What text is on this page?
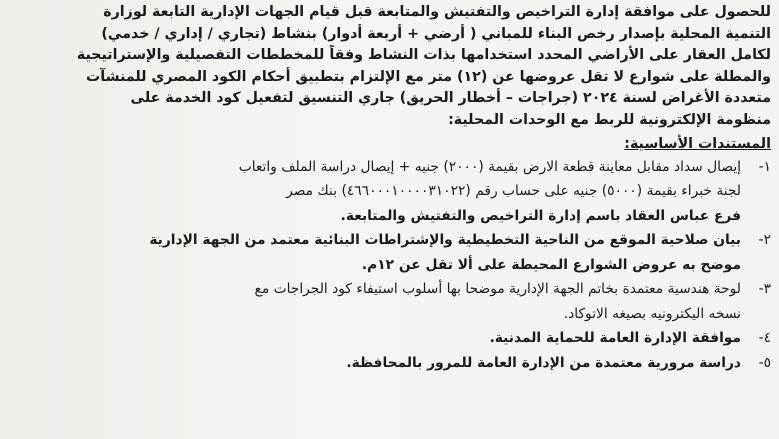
للحصول على موافقة إدارة التراخيص والتفتيش والمتابعة قبل قيام الجهات الإدارية التابعة لوزارة

التنمية المحلية بإصدار رخص البناء للمباني ( أرضي + أربعة أدوار) بنشاط (تجاري / إداري / خدمي)

لكامل العقار على الأراضي المحدد استخدامها بذات النشاط وفقاً للمخططات التفصيلية والإستراتيجية

والمطلة على شوارع لا تقل عروضها عن (١٢) متر مع الإلتزام بتطبيق أحكام الكود المصري للمنشآت

متعددة الأغراض لسنة ٢٠٢٤ (جراجات – أخطار الحريق) جاري التنسيق لتفعيل كود الخدمة على

منظومة الإلكترونية للربط مع الوحدات المحلية:

المستندات الأساسية:
١-

إيصال سداد مقابل معاينة قطعة الارض بقيمة (٢٠٠٠) جنيه + إيصال دراسة الملف واتعاب

لجنة خبراء بقيمة (٥٠٠٠) جنيه على حساب رقم (٤٦٦٠٠٠١٠٠٠٠٣١٠٢٢) بنك مصر

فرع عباس العقاد باسم إدارة التراخيص والتفتيش والمتابعة.

٢-

بيان صلاحية الموقع من الناحية التخطيطية والإشتراطات البنائية معتمد من الجهة الإدارية

موضح به عروض الشوارع المحيطة على ألا تقل عن ١٢م.

٣-

لوحة هندسية معتمدة بخاتم الجهة الإدارية موضحا بها أسلوب استيفاء كود الجراجات مع

نسخه اليكترونيه بصيغه الاتوكاد.

٤-

موافقة الإدارة العامة للحماية المدنية.

٥-

دراسة مرورية معتمدة من الإدارة العامة للمرور بالمحافظة.
